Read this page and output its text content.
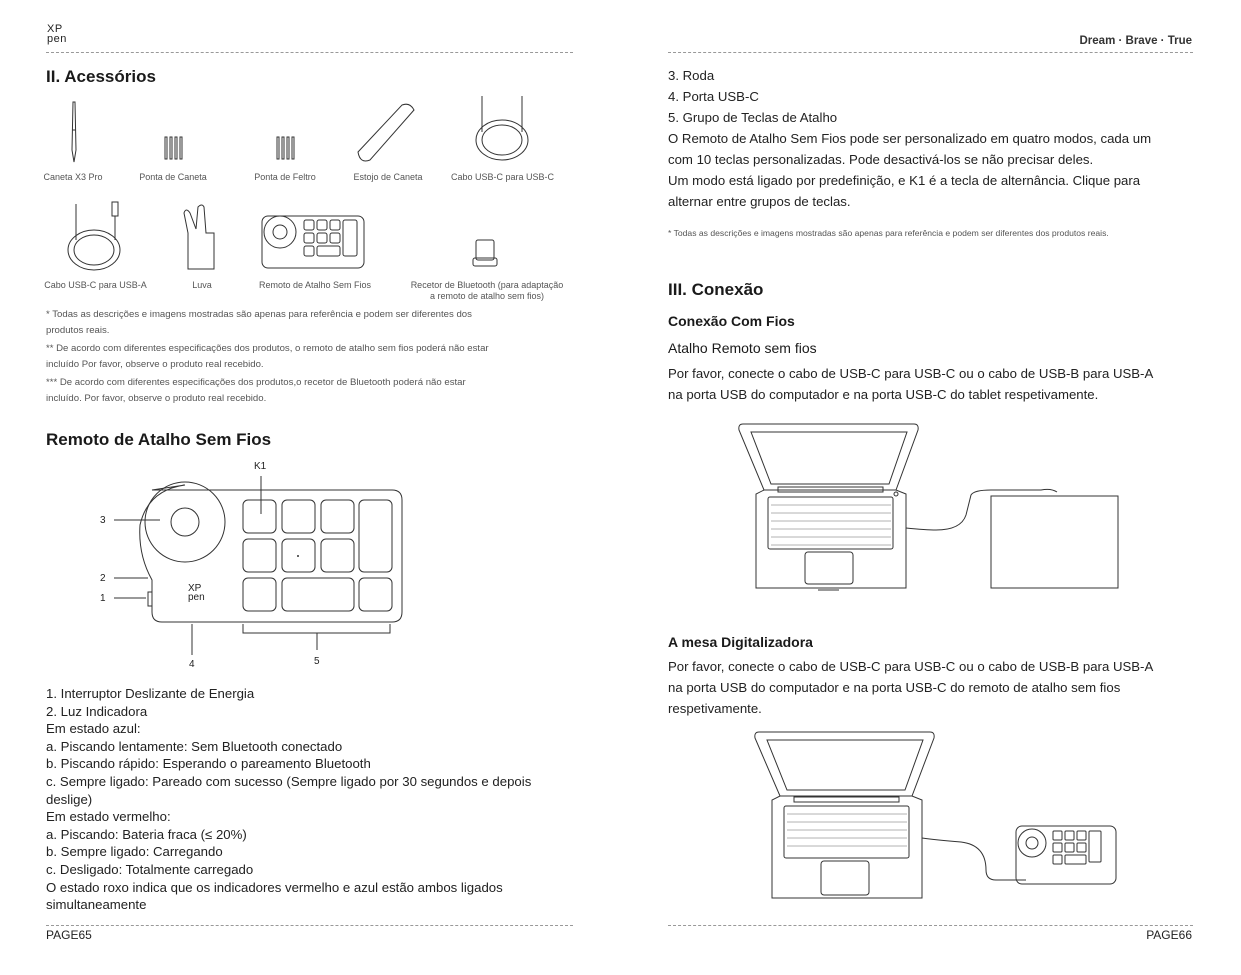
XP
pen
II. Acessórios
Caneta X3 Pro	Ponta de Caneta	Ponta de Feltro	Estojo de Caneta	Cabo USB-C para USB-C
Cabo USB-C para USB-A	Luva	Remoto de Atalho Sem Fios	Recetor de Bluetooth (para adaptação
a remoto de atalho sem fios)
* Todas as descrições e imagens mostradas são apenas para referência e podem ser diferentes dos
produtos reais.
** De acordo com diferentes especificações dos produtos, o remoto de atalho sem fios poderá não estar
incluído Por favor, observe o produto real recebido.
*** De acordo com diferentes especificações dos produtos,o recetor de Bluetooth poderá não estar
incluído. Por favor, observe o produto real recebido.
Remoto de Atalho Sem Fios
K1
3
2
1
4	5
XP
pen
1. Interruptor Deslizante de Energia
2. Luz Indicadora
Em estado azul:
a. Piscando lentamente: Sem Bluetooth conectado
b. Piscando rápido: Esperando o pareamento Bluetooth
c. Sempre ligado: Pareado com sucesso (Sempre ligado por 30 segundos e depois
deslige)
Em estado vermelho:
a. Piscando: Bateria fraca (≤ 20%)
b. Sempre ligado: Carregando
c. Desligado: Totalmente carregado
O estado roxo indica que os indicadores vermelho e azul estão ambos ligados
simultaneamente
PAGE65
Dream · Brave · True
3. Roda
4. Porta USB-C
5. Grupo de Teclas de Atalho
O Remoto de Atalho Sem Fios pode ser personalizado em quatro modos, cada um
com 10 teclas personalizadas. Pode desactivá-los se não precisar deles.
Um modo está ligado por predefinição, e K1 é a tecla de alternância. Clique para
alternar entre grupos de teclas.
* Todas as descrições e imagens mostradas são apenas para referência e podem ser diferentes dos produtos reais.
III. Conexão
Conexão Com Fios
Atalho Remoto sem fios
Por favor, conecte o cabo de USB-C para USB-C ou o cabo de USB-B para USB-A
na porta USB do computador e na porta USB-C do tablet respetivamente.
A mesa Digitalizadora
Por favor, conecte o cabo de USB-C para USB-C ou o cabo de USB-B para USB-A
na porta USB do computador e na porta USB-C do remoto de atalho sem fios
respetivamente.
PAGE66
